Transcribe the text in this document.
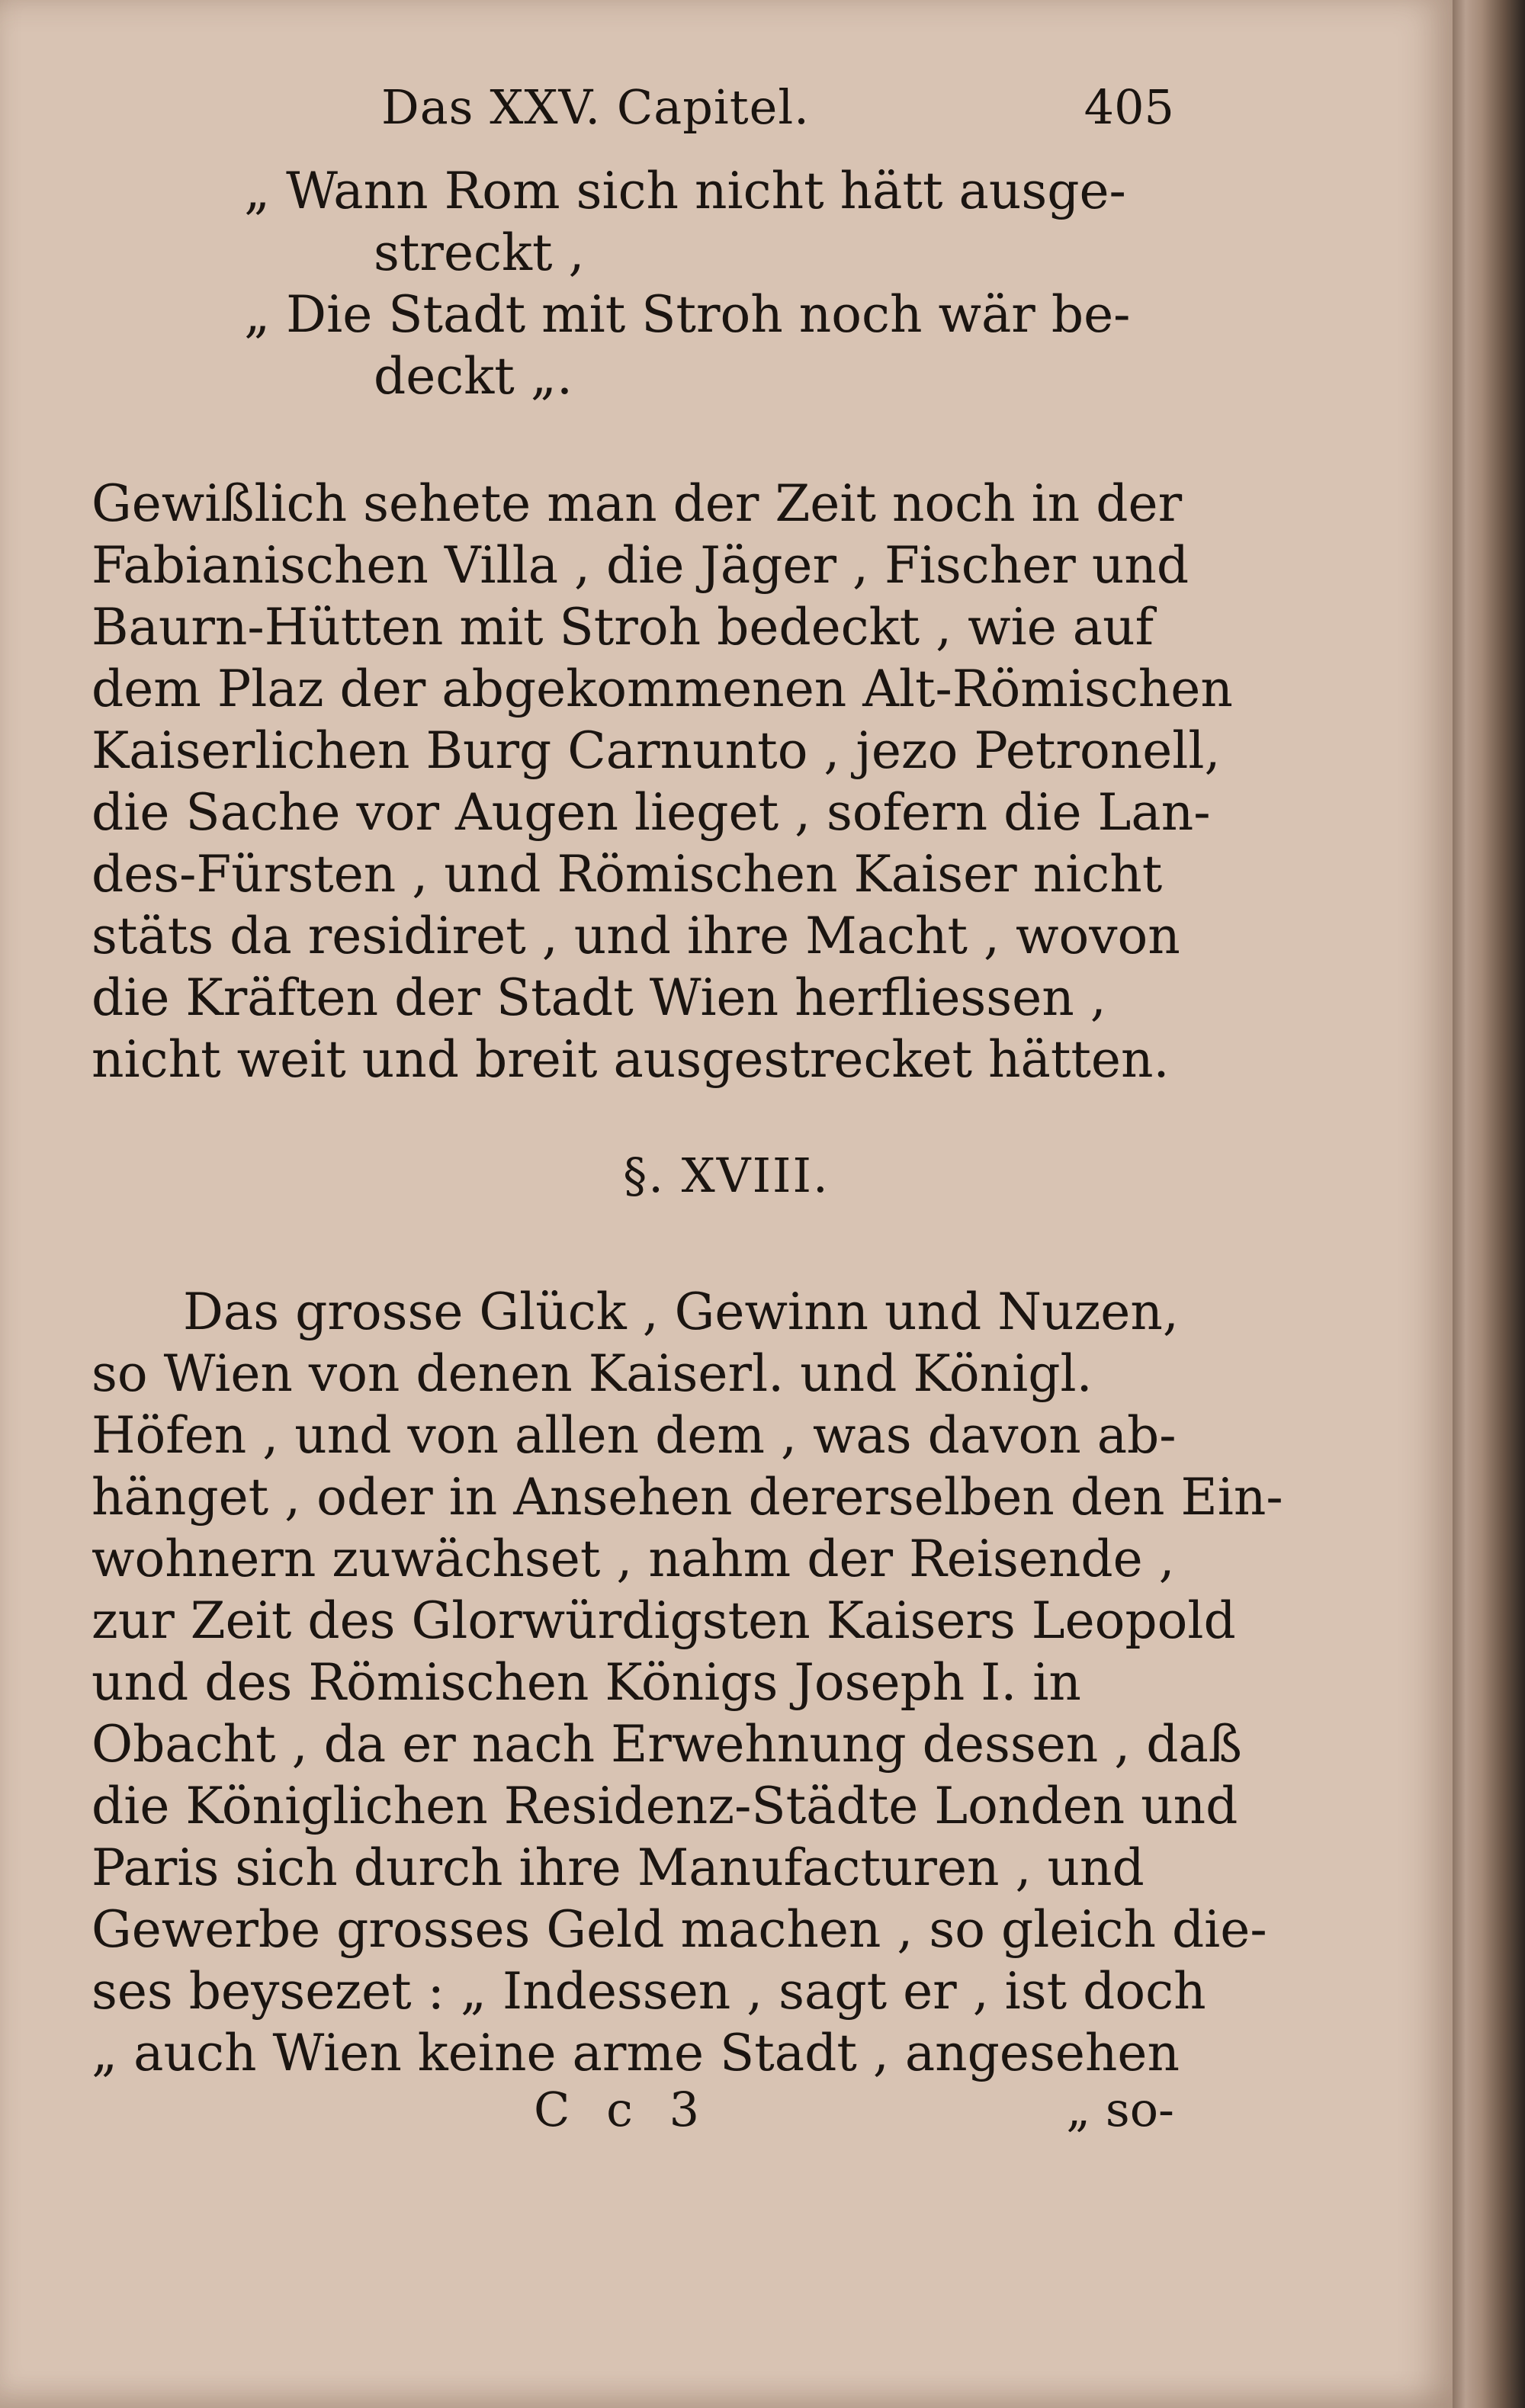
Das XXV. Capitel.	405
„ Wann Rom sich nicht hätt ausge-
streckt ,
„ Die Stadt mit Stroh noch wär be-
deckt „.
Gewißlich sehete man der Zeit noch in der
Fabianischen Villa , die Jäger , Fischer und
Baurn-Hütten mit Stroh bedeckt , wie auf
dem Plaz der abgekommenen Alt-Römischen
Kaiserlichen Burg Carnunto , jezo Petronell,
die Sache vor Augen lieget , sofern die Lan-
des-Fürsten , und Römischen Kaiser nicht
stäts da residiret , und ihre Macht , wovon
die Kräften der Stadt Wien herfliessen ,
nicht weit und breit ausgestrecket hätten.
§. XVIII.
Das grosse Glück , Gewinn und Nuzen,
so Wien von denen Kaiserl. und Königl.
Höfen , und von allen dem , was davon ab-
hänget , oder in Ansehen dererselben den Ein-
wohnern zuwächset , nahm der Reisende ,
zur Zeit des Glorwürdigsten Kaisers Leopold
und des Römischen Königs Joseph I. in
Obacht , da er nach Erwehnung dessen , daß
die Königlichen Residenz-Städte Londen und
Paris sich durch ihre Manufacturen , und
Gewerbe grosses Geld machen , so gleich die-
ses beysezet : „ Indessen , sagt er , ist doch
„ auch Wien keine arme Stadt , angesehen
C c 3	„ so-
